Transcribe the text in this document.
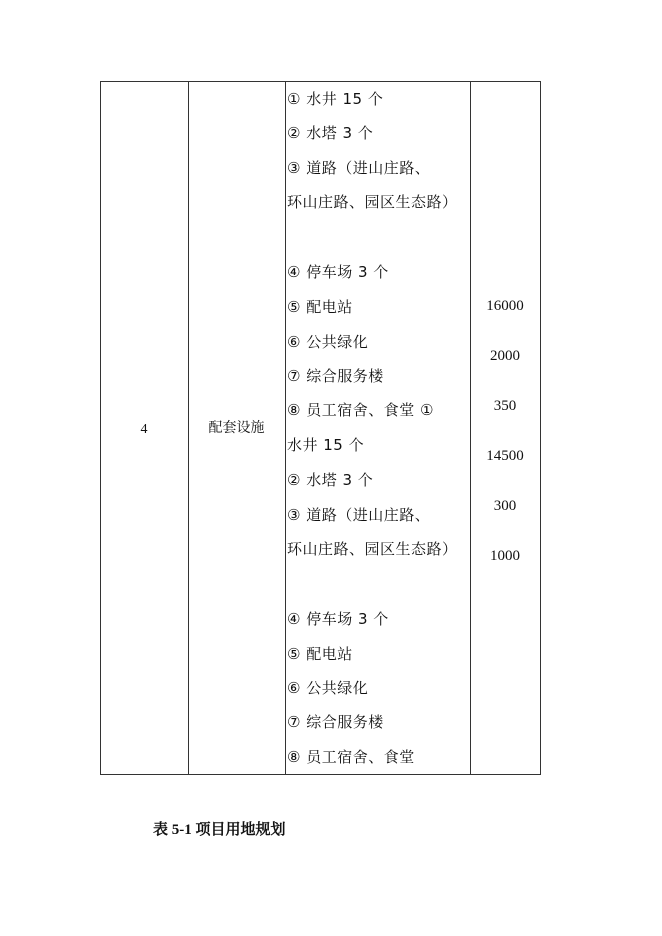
4	配套设施
① 水井 15 个
② 水塔 3 个
③ 道路（进山庄路、
环山庄路、园区生态路）
④ 停车场 3 个
⑤ 配电站
⑥ 公共绿化
⑦ 综合服务楼
⑧ 员工宿舍、食堂 ①
水井 15 个
② 水塔 3 个
③ 道路（进山庄路、
环山庄路、园区生态路）
④ 停车场 3 个
⑤ 配电站
⑥ 公共绿化
⑦ 综合服务楼
⑧ 员工宿舍、食堂
16000
2000
350
14500
300
1000
表 5-1 项目用地规划
